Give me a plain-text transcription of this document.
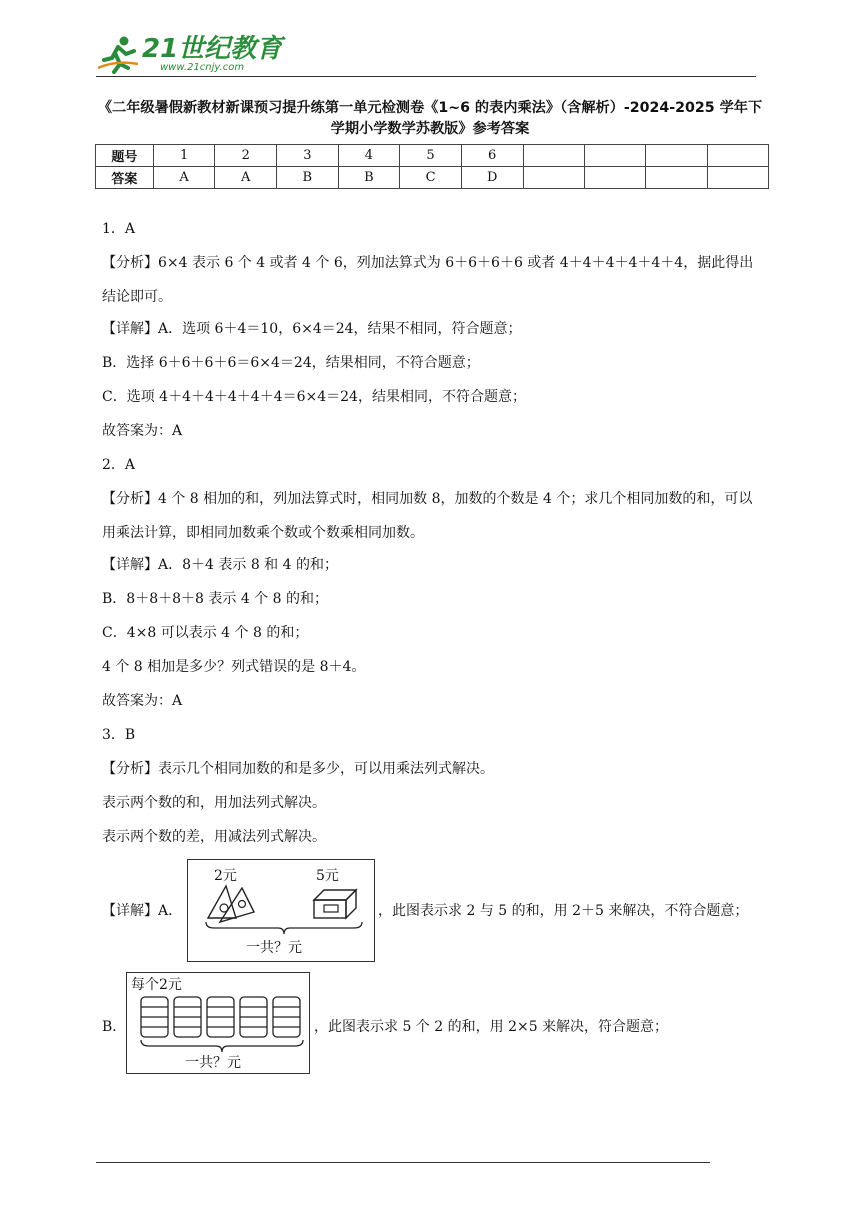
21世纪教育
www.21cnjy.com
《二年级暑假新教材新课预习提升练第一单元检测卷《1~6 的表内乘法》（含解析）-2024-2025 学年下学期小学数学苏教版》参考答案
题号	1	2	3	4	5	6				
答案	A	A	B	B	C	D				
1．A
【分析】6×4 表示 6 个 4 或者 4 个 6，列加法算式为 6＋6＋6＋6 或者 4＋4＋4＋4＋4＋4，据此得出结论即可。
【详解】A．选项 6＋4＝10，6×4＝24，结果不相同，符合题意；
B．选择 6＋6＋6＋6＝6×4＝24，结果相同，不符合题意；
C．选项 4＋4＋4＋4＋4＋4＝6×4＝24，结果相同，不符合题意；
故答案为：A
2．A
【分析】4 个 8 相加的和，列加法算式时，相同加数 8，加数的个数是 4 个；求几个相同加数的和，可以用乘法计算，即相同加数乘个数或个数乘相同加数。
【详解】A．8＋4 表示 8 和 4 的和；
B．8＋8＋8＋8 表示 4 个 8 的和；
C．4×8 可以表示 4 个 8 的和；
4 个 8 相加是多少？列式错误的是 8＋4。
故答案为：A
3．B
【分析】表示几个相同加数的和是多少，可以用乘法列式解决。
表示两个数的和，用加法列式解决。
表示两个数的差，用减法列式解决。
【详解】A．
2元	5元
一共？元
，此图表示求 2 与 5 的和，用 2＋5 来解决，不符合题意；
B．
每个2元
一共？元
，此图表示求 5 个 2 的和，用 2×5 来解决，符合题意；
